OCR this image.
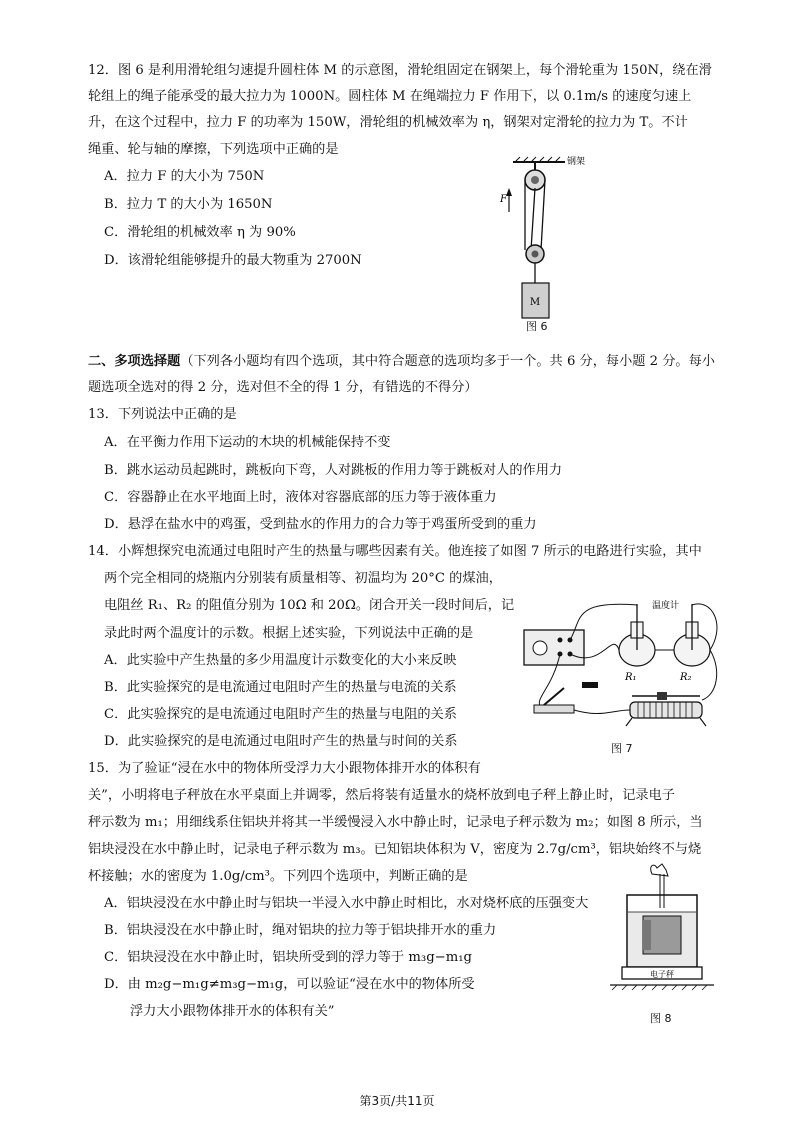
12．图 6 是利用滑轮组匀速提升圆柱体 M 的示意图，滑轮组固定在钢架上，每个滑轮重为 150N，绕在滑
轮组上的绳子能承受的最大拉力为 1000N。圆柱体 M 在绳端拉力 F 作用下，以 0.1m/s 的速度匀速上
升，在这个过程中，拉力 F 的功率为 150W，滑轮组的机械效率为 η，钢架对定滑轮的拉力为 T。不计
绳重、轮与轴的摩擦，下列选项中正确的是
A．拉力 F 的大小为 750N
B．拉力 T 的大小为 1650N
C．滑轮组的机械效率 η 为 90%
D．该滑轮组能够提升的最大物重为 2700N
M
F
钢架
图 6
二、多项选择题（下列各小题均有四个选项，其中符合题意的选项均多于一个。共 6 分，每小题 2 分。每小
题选项全选对的得 2 分，选对但不全的得 1 分，有错选的不得分）
13．下列说法中正确的是
A．在平衡力作用下运动的木块的机械能保持不变
B．跳水运动员起跳时，跳板向下弯，人对跳板的作用力等于跳板对人的作用力
C．容器静止在水平地面上时，液体对容器底部的压力等于液体重力
D．悬浮在盐水中的鸡蛋，受到盐水的作用力的合力等于鸡蛋所受到的重力
14．小辉想探究电流通过电阻时产生的热量与哪些因素有关。他连接了如图 7 所示的电路进行实验，其中
两个完全相同的烧瓶内分别装有质量相等、初温均为 20°C 的煤油，
电阻丝 R₁、R₂ 的阻值分别为 10Ω 和 20Ω。闭合开关一段时间后，记
录此时两个温度计的示数。根据上述实验，下列说法中正确的是
A．此实验中产生热量的多少用温度计示数变化的大小来反映
B．此实验探究的是电流通过电阻时产生的热量与电流的关系
C．此实验探究的是电流通过电阻时产生的热量与电阻的关系
D．此实验探究的是电流通过电阻时产生的热量与时间的关系
温度计
R₁	R₂
图 7
15．为了验证“浸在水中的物体所受浮力大小跟物体排开水的体积有
关”，小明将电子秤放在水平桌面上并调零，然后将装有适量水的烧杯放到电子秤上静止时，记录电子
秤示数为 m₁；用细线系住铝块并将其一半缓慢浸入水中静止时，记录电子秤示数为 m₂；如图 8 所示，当
铝块浸没在水中静止时，记录电子秤示数为 m₃。已知铝块体积为 V，密度为 2.7g/cm³，铝块始终不与烧
杯接触；水的密度为 1.0g/cm³。下列四个选项中，判断正确的是
A．铝块浸没在水中静止时与铝块一半浸入水中静止时相比，水对烧杯底的压强变大
B．铝块浸没在水中静止时，绳对铝块的拉力等于铝块排开水的重力
C．铝块浸没在水中静止时，铝块所受到的浮力等于 m₃g−m₁g
D．由 m₂g−m₁g≠m₃g−m₁g，可以验证“浸在水中的物体所受
浮力大小跟物体排开水的体积有关”
电子秤
图 8
第3页/共11页
